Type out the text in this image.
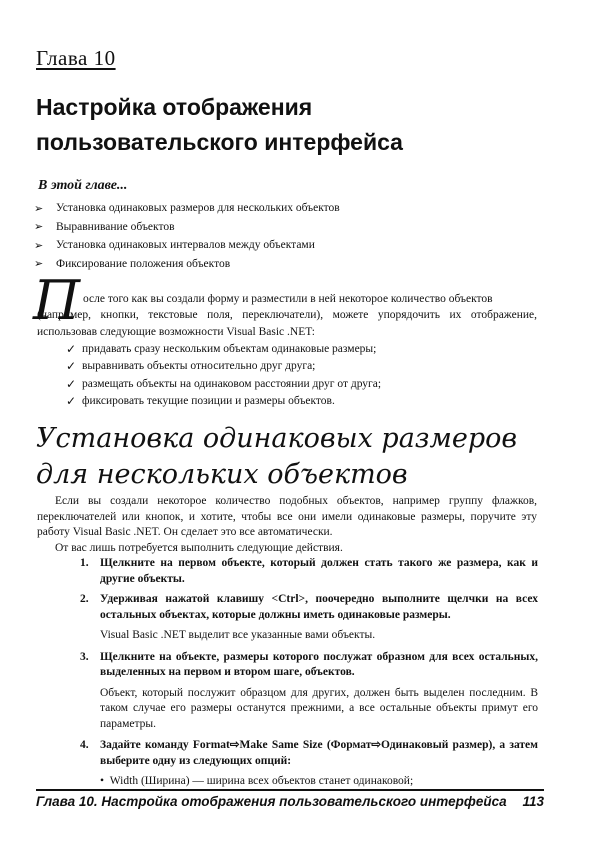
Глава 10
Настройка отображения
пользовательского интерфейса
В этой главе...
➢	Установка одинаковых размеров для нескольких объектов
➢	Выравнивание объектов
➢	Установка одинаковых интервалов между объектами
➢	Фиксирование положения объектов
П осле того как вы создали форму и разместили в ней некоторое количество объектов
(например, кнопки, текстовые поля, переключатели), можете упорядочить их отображение, использовав следующие возможности Visual Basic .NET:
✓ придавать сразу нескольким объектам одинаковые размеры;
✓ выравнивать объекты относительно друг друга;
✓ размещать объекты на одинаковом расстоянии друг от друга;
✓ фиксировать текущие позиции и размеры объектов.
Установка одинаковых размеров
для нескольких объектов
Если вы создали некоторое количество подобных объектов, например группу флажков, переключателей или кнопок, и хотите, чтобы все они имели одинаковые размеры, поручите эту работу Visual Basic .NET. Он сделает это все автоматически.
От вас лишь потребуется выполнить следующие действия.
1. Щелкните на первом объекте, который должен стать такого же размера, как и другие объекты.
2. Удерживая нажатой клавишу <Ctrl>, поочередно выполните щелчки на всех остальных объектах, которые должны иметь одинаковые размеры.
Visual Basic .NET выделит все указанные вами объекты.
3. Щелкните на объекте, размеры которого послужат образном для всех остальных, выделенных на первом и втором шаге, объектов.
Объект, который послужит образцом для других, должен быть выделен последним. В таком случае его размеры останутся прежними, а все остальные объекты примут его параметры.
4. Задайте команду Format⇨Make Same Size (Формат⇨Одинаковый размер), а затем выберите одну из следующих опций:
•  Width (Ширина) — ширина всех объектов станет одинаковой;
Глава 10. Настройка отображения пользовательского интерфейса 113
